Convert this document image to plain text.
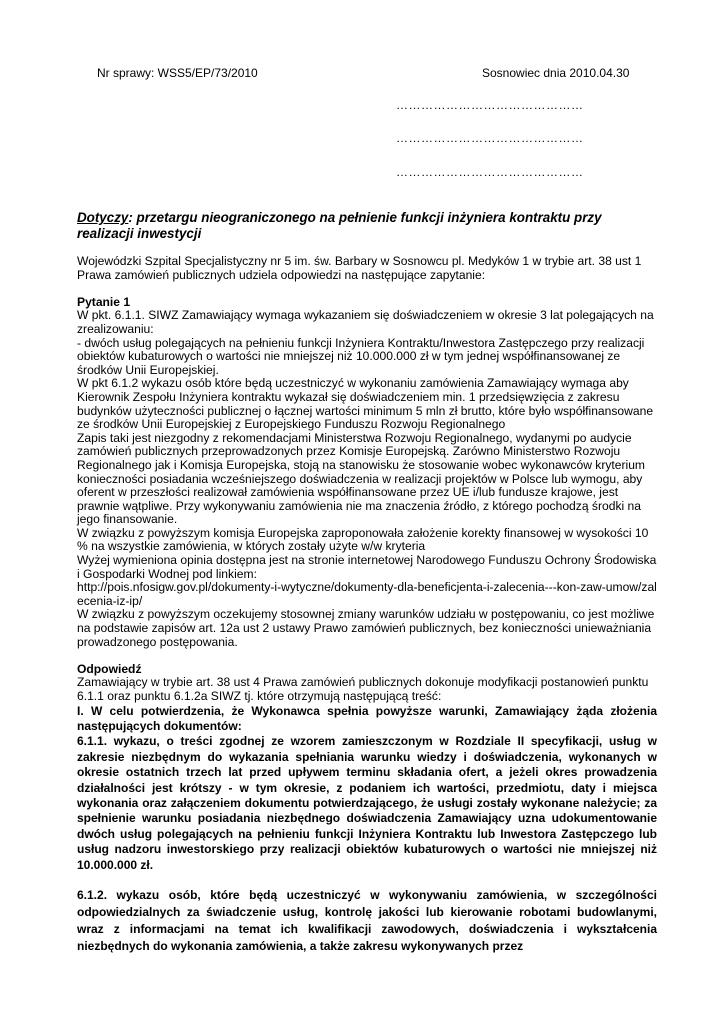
Nr sprawy: WSS5/EP/73/2010	Sosnowiec dnia 2010.04.30
………………………………………
………………………………………
………………………………………

Dotyczy: przetargu nieograniczonego na pełnienie funkcji inżyniera kontraktu przy realizacji inwestycji

Wojewódzki Szpital Specjalistyczny nr 5 im. św. Barbary w Sosnowcu pl. Medyków 1 w trybie art. 38 ust 1 Prawa zamówień publicznych udziela odpowiedzi na następujące zapytanie:

Pytanie 1

W pkt. 6.1.1. SIWZ Zamawiający wymaga wykazaniem się doświadczeniem w okresie 3 lat polegających na zrealizowaniu:

- dwóch usług polegających na pełnieniu funkcji Inżyniera Kontraktu/Inwestora Zastępczego przy realizacji obiektów kubaturowych o wartości nie mniejszej niż 10.000.000 zł w tym jednej współfinansowanej ze środków Unii Europejskiej.

W pkt 6.1.2 wykazu osób które będą uczestniczyć w wykonaniu zamówienia Zamawiający wymaga aby Kierownik Zespołu Inżyniera kontraktu wykazał się doświadczeniem min. 1 przedsięwzięcia z zakresu budynków użyteczności publicznej o łącznej wartości minimum 5 mln zł brutto, które było współfinansowane ze środków Unii Europejskiej z Europejskiego Funduszu Rozwoju Regionalnego

Zapis taki jest niezgodny z rekomendacjami Ministerstwa Rozwoju Regionalnego, wydanymi po audycie zamówień publicznych przeprowadzonych przez Komisje Europejską. Zarówno Ministerstwo Rozwoju Regionalnego jak i Komisja Europejska, stoją na stanowisku że stosowanie wobec wykonawców kryterium konieczności posiadania wcześniejszego doświadczenia w realizacji projektów w Polsce lub wymogu, aby oferent w przeszłości realizował zamówienia współfinansowane przez UE i/lub fundusze krajowe, jest prawnie wątpliwe. Przy wykonywaniu zamówienia nie ma znaczenia źródło, z którego pochodzą środki na jego finansowanie.

W związku z powyższym komisja Europejska zaproponowała założenie korekty finansowej w wysokości 10 % na wszystkie zamówienia, w których zostały użyte w/w kryteria

Wyżej wymieniona opinia dostępna jest na stronie internetowej Narodowego Funduszu Ochrony Środowiska i Gospodarki Wodnej pod linkiem:

http://pois.nfosigw.gov.pl/dokumenty-i-wytyczne/dokumenty-dla-beneficjenta-i-zalecenia---kon-zaw-umow/zalecenia-iz-ip/

W związku z powyższym oczekujemy stosownej zmiany warunków udziału w postępowaniu, co jest możliwe na podstawie zapisów art. 12a ust 2 ustawy Prawo zamówień publicznych, bez konieczności unieważniania prowadzonego postępowania.

Odpowiedź

Zamawiający w trybie art. 38 ust 4 Prawa zamówień publicznych dokonuje modyfikacji postanowień punktu 6.1.1 oraz punktu 6.1.2a SIWZ tj. które otrzymują następującą treść:

I. W celu potwierdzenia, że Wykonawca spełnia powyższe warunki, Zamawiający żąda złożenia następujących dokumentów:

6.1.1. wykazu, o treści zgodnej ze wzorem zamieszczonym w Rozdziale II specyfikacji, usług w zakresie niezbędnym do wykazania spełniania warunku wiedzy i doświadczenia, wykonanych w okresie ostatnich trzech lat przed upływem terminu składania ofert, a jeżeli okres prowadzenia działalności jest krótszy - w tym okresie, z podaniem ich wartości, przedmiotu, daty i miejsca wykonania oraz załączeniem dokumentu potwierdzającego, że usługi zostały wykonane należycie; za spełnienie warunku posiadania niezbędnego doświadczenia Zamawiający uzna udokumentowanie dwóch usług polegających na pełnieniu funkcji Inżyniera Kontraktu lub Inwestora Zastępczego lub usług nadzoru inwestorskiego przy realizacji obiektów kubaturowych o wartości nie mniejszej niż 10.000.000 zł.

6.1.2. wykazu osób, które będą uczestniczyć w wykonywaniu zamówienia, w szczególności odpowiedzialnych za świadczenie usług, kontrolę jakości lub kierowanie robotami budowlanymi, wraz z informacjami na temat ich kwalifikacji zawodowych, doświadczenia i wykształcenia niezbędnych do wykonania zamówienia, a także zakresu wykonywanych przez
